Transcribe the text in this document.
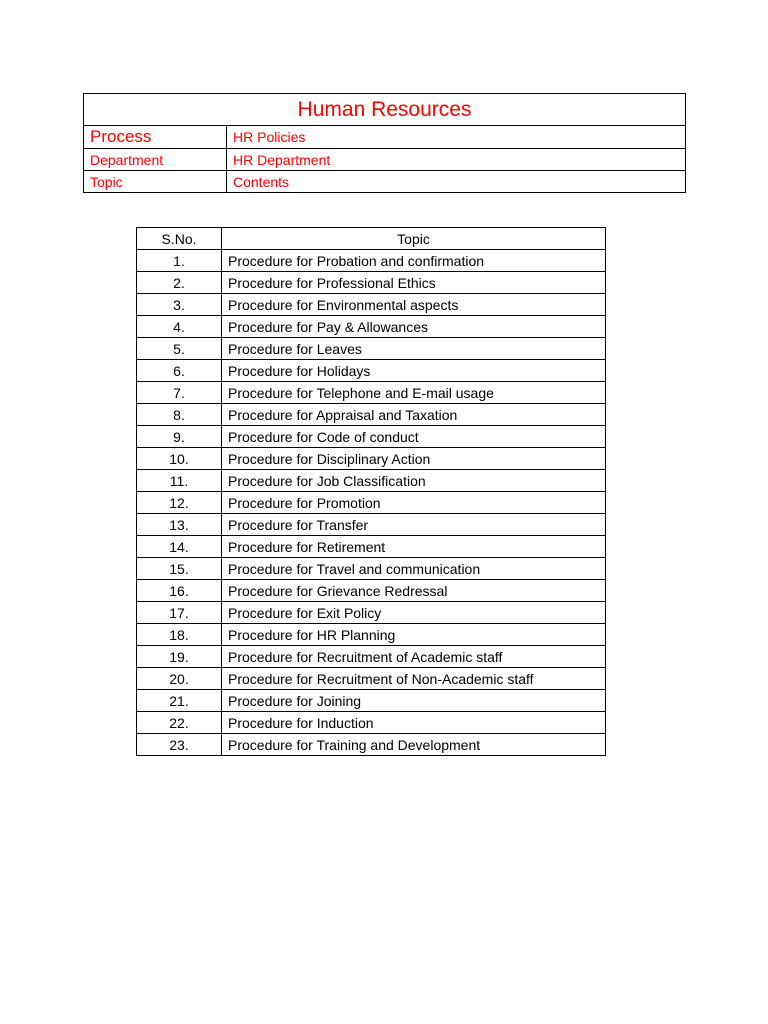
Human Resources	
Process	HR Policies
Department	HR Department
Topic	Contents
S.No.	Topic
1.	Procedure for Probation and confirmation
2.	Procedure for Professional Ethics
3.	Procedure for Environmental aspects
4.	Procedure for Pay & Allowances
5.	Procedure for Leaves
6.	Procedure for Holidays
7.	Procedure for Telephone and E-mail usage
8.	Procedure for Appraisal and Taxation
9.	Procedure for Code of conduct
10.	Procedure for Disciplinary Action
11.	Procedure for Job Classification
12.	Procedure for Promotion
13.	Procedure for Transfer
14.	Procedure for Retirement
15.	Procedure for Travel and communication
16.	Procedure for Grievance Redressal
17.	Procedure for Exit Policy
18.	Procedure for HR Planning
19.	Procedure for Recruitment of Academic staff
20.	Procedure for Recruitment of Non-Academic staff
21.	Procedure for Joining
22.	Procedure for Induction
23.	Procedure for Training and Development
